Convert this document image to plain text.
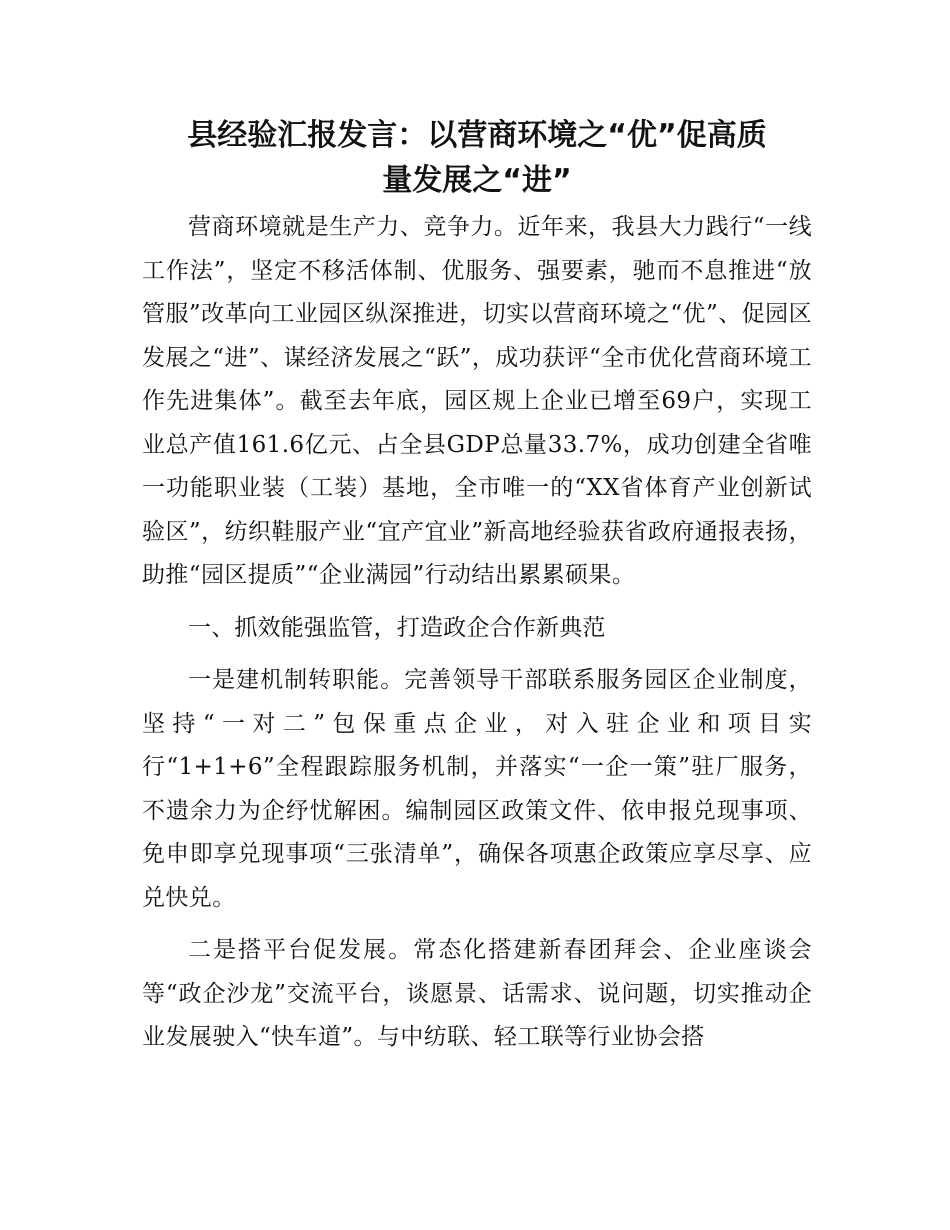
县经验汇报发言：以营商环境之“优”促高质
量发展之“进”

营商环境就是生产力、竞争力。近年来，我县大力践行“一线工作法”，坚定不移活体制、优服务、强要素，驰而不息推进“放管服”改革向工业园区纵深推进，切实以营商环境之“优”、促园区发展之“进”、谋经济发展之“跃”，成功获评“全市优化营商环境工作先进集体”。截至去年底，园区规上企业已增至69户，实现工业总产值161.6亿元、占全县GDP总量33.7%，成功创建全省唯一功能职业装（工装）基地，全市唯一的“XX省体育产业创新试验区”，纺织鞋服产业“宜产宜业”新高地经验获省政府通报表扬，助推“园区提质”“企业满园”行动结出累累硕果。

一、抓效能强监管，打造政企合作新典范

一是建机制转职能。完善领导干部联系服务园区企业制度，坚持“一对二”包保重点企业，对入驻企业和项目实行“1+1+6”全程跟踪服务机制，并落实“一企一策”驻厂服务，不遗余力为企纾忧解困。编制园区政策文件、依申报兑现事项、免申即享兑现事项“三张清单”，确保各项惠企政策应享尽享、应兑快兑。

二是搭平台促发展。常态化搭建新春团拜会、企业座谈会等“政企沙龙”交流平台，谈愿景、话需求、说问题，切实推动企业发展驶入“快车道”。与中纺联、轻工联等行业协会搭
